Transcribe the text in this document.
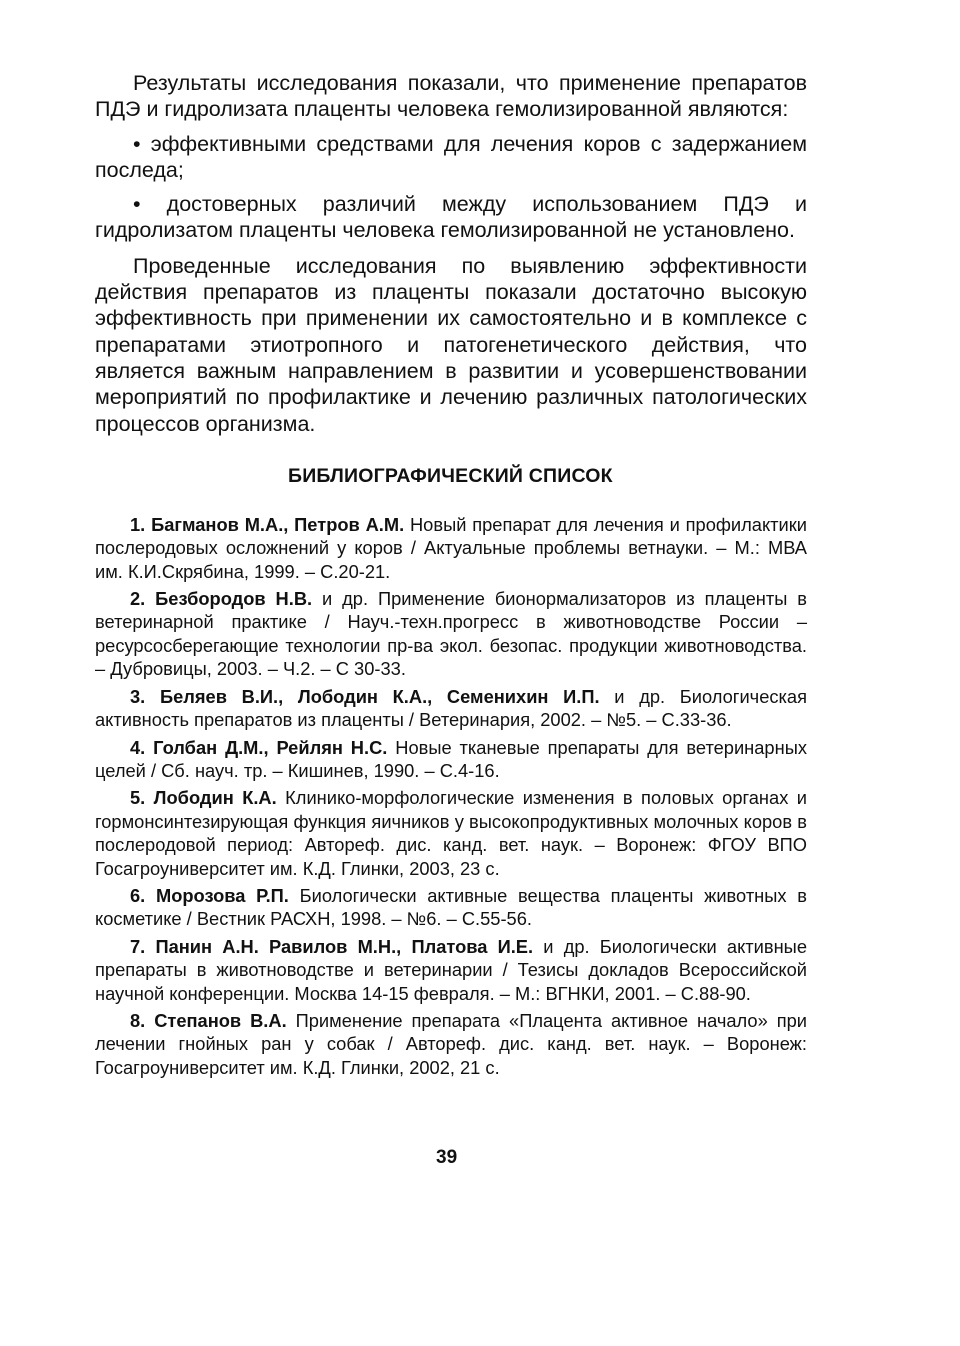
Результаты исследования показали, что применение препаратов ПДЭ и гидролизата плаценты человека гемолизированной являются:

• эффективными средствами для лечения коров с задержанием последа;

• достоверных различий между использованием ПДЭ и гидролизатом плаценты человека гемолизированной не установлено.

Проведенные исследования по выявлению эффективности действия препаратов из плаценты показали достаточно высокую эффективность при применении их самостоятельно и в комплексе с препаратами этиотропного и патогенетического действия, что является важным направлением в развитии и усовершенствовании мероприятий по профилактике и лечению различных патологических процессов организма.

БИБЛИОГРАФИЧЕСКИЙ СПИСОК

1. Багманов М.А., Петров А.М. Новый препарат для лечения и профилактики послеродовых осложнений у коров / Актуальные проблемы ветнауки. – М.: МВА им. К.И.Скрябина, 1999. – С.20-21.

2. Безбородов Н.В. и др. Применение бионормализаторов из плаценты в ветеринарной практике / Науч.-техн.прогресс в животноводстве России – ресурсосберегающие технологии пр-ва экол. безопас. продукции животноводства. – Дубровицы, 2003. – Ч.2. – С 30-33.

3. Беляев В.И., Лободин К.А., Семенихин И.П. и др. Биологическая активность препаратов из плаценты / Ветеринария, 2002. – №5. – С.33-36.

4. Голбан Д.М., Рейлян Н.С. Новые тканевые препараты для ветеринарных целей / Сб. науч. тр. – Кишинев, 1990. – С.4-16.

5. Лободин К.А. Клинико-морфологические изменения в половых органах и гормонсинтезирующая функция яичников у высокопродуктивных молочных коров в послеродовой период: Автореф. дис. канд. вет. наук. – Воронеж: ФГОУ ВПО Госагроуниверситет им. К.Д. Глинки, 2003, 23 с.

6. Морозова Р.П. Биологически активные вещества плаценты животных в косметике / Вестник РАСХН, 1998. – №6. – С.55-56.

7. Панин А.Н. Равилов М.Н., Платова И.Е. и др. Биологически активные препараты в животноводстве и ветеринарии / Тезисы докладов Всероссийской научной конференции. Москва 14-15 февраля. – М.: ВГНКИ, 2001. – С.88-90.

8. Степанов В.А. Применение препарата «Плацента активное начало» при лечении гнойных ран у собак / Автореф. дис. канд. вет. наук. – Воронеж: Госагроуниверситет им. К.Д. Глинки, 2002, 21 с.

39
